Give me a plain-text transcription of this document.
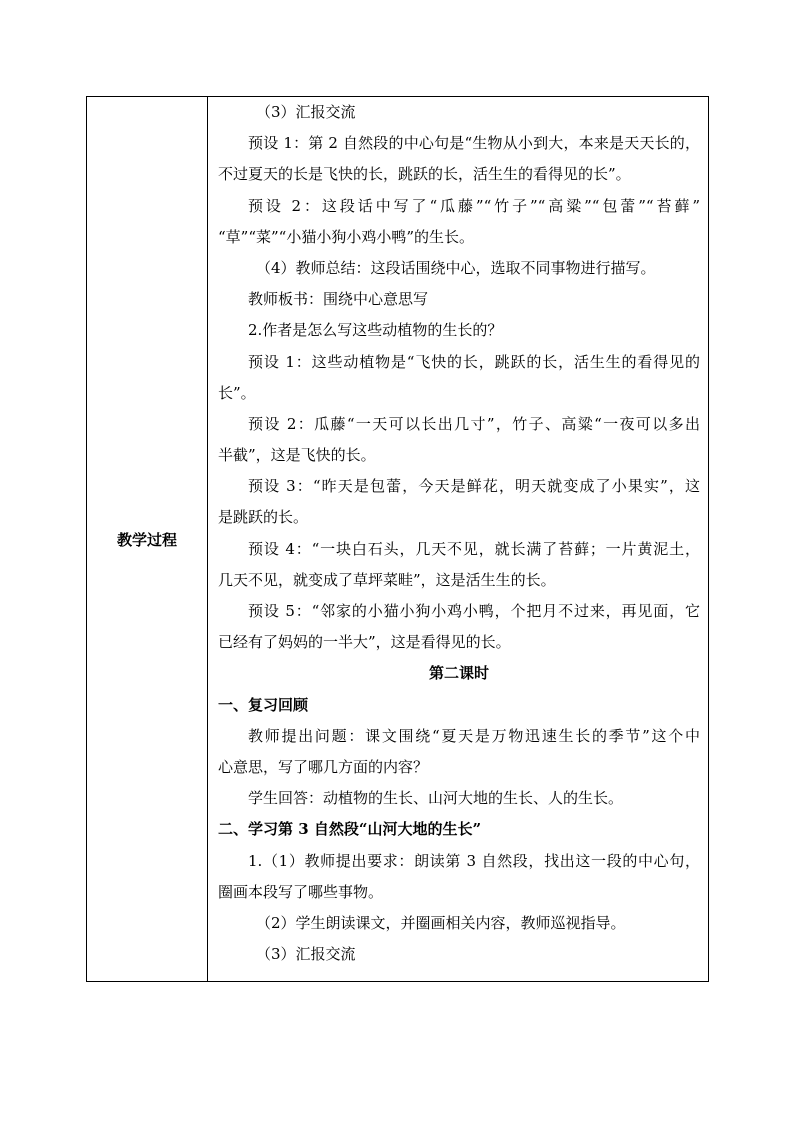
教学过程	
（3）汇报交流
预设 1：第 2 自然段的中心句是“生物从小到大，本来是天天长的，
不过夏天的长是飞快的长，跳跃的长，活生生的看得见的长”。
预设 2：这段话中写了“瓜藤”“竹子”“高粱”“包蕾”“苔藓”
“草”“菜”“小猫小狗小鸡小鸭”的生长。
（4）教师总结：这段话围绕中心，选取不同事物进行描写。
教师板书：围绕中心意思写
2.作者是怎么写这些动植物的生长的？
预设 1：这些动植物是“飞快的长，跳跃的长，活生生的看得见的
长”。
预设 2：瓜藤“一天可以长出几寸”，竹子、高粱“一夜可以多出
半截”，这是飞快的长。
预设 3：“昨天是包蕾，今天是鲜花，明天就变成了小果实”，这
是跳跃的长。
预设 4：“一块白石头，几天不见，就长满了苔藓；一片黄泥土，
几天不见，就变成了草坪菜畦”，这是活生生的长。
预设 5：“邻家的小猫小狗小鸡小鸭，个把月不过来，再见面，它
已经有了妈妈的一半大”，这是看得见的长。
第二课时
一、复习回顾
教师提出问题：课文围绕“夏天是万物迅速生长的季节”这个中
心意思，写了哪几方面的内容？
学生回答：动植物的生长、山河大地的生长、人的生长。
二、学习第 3 自然段“山河大地的生长”
1.（1）教师提出要求：朗读第 3 自然段，找出这一段的中心句，
圈画本段写了哪些事物。
（2）学生朗读课文，并圈画相关内容，教师巡视指导。
（3）汇报交流
